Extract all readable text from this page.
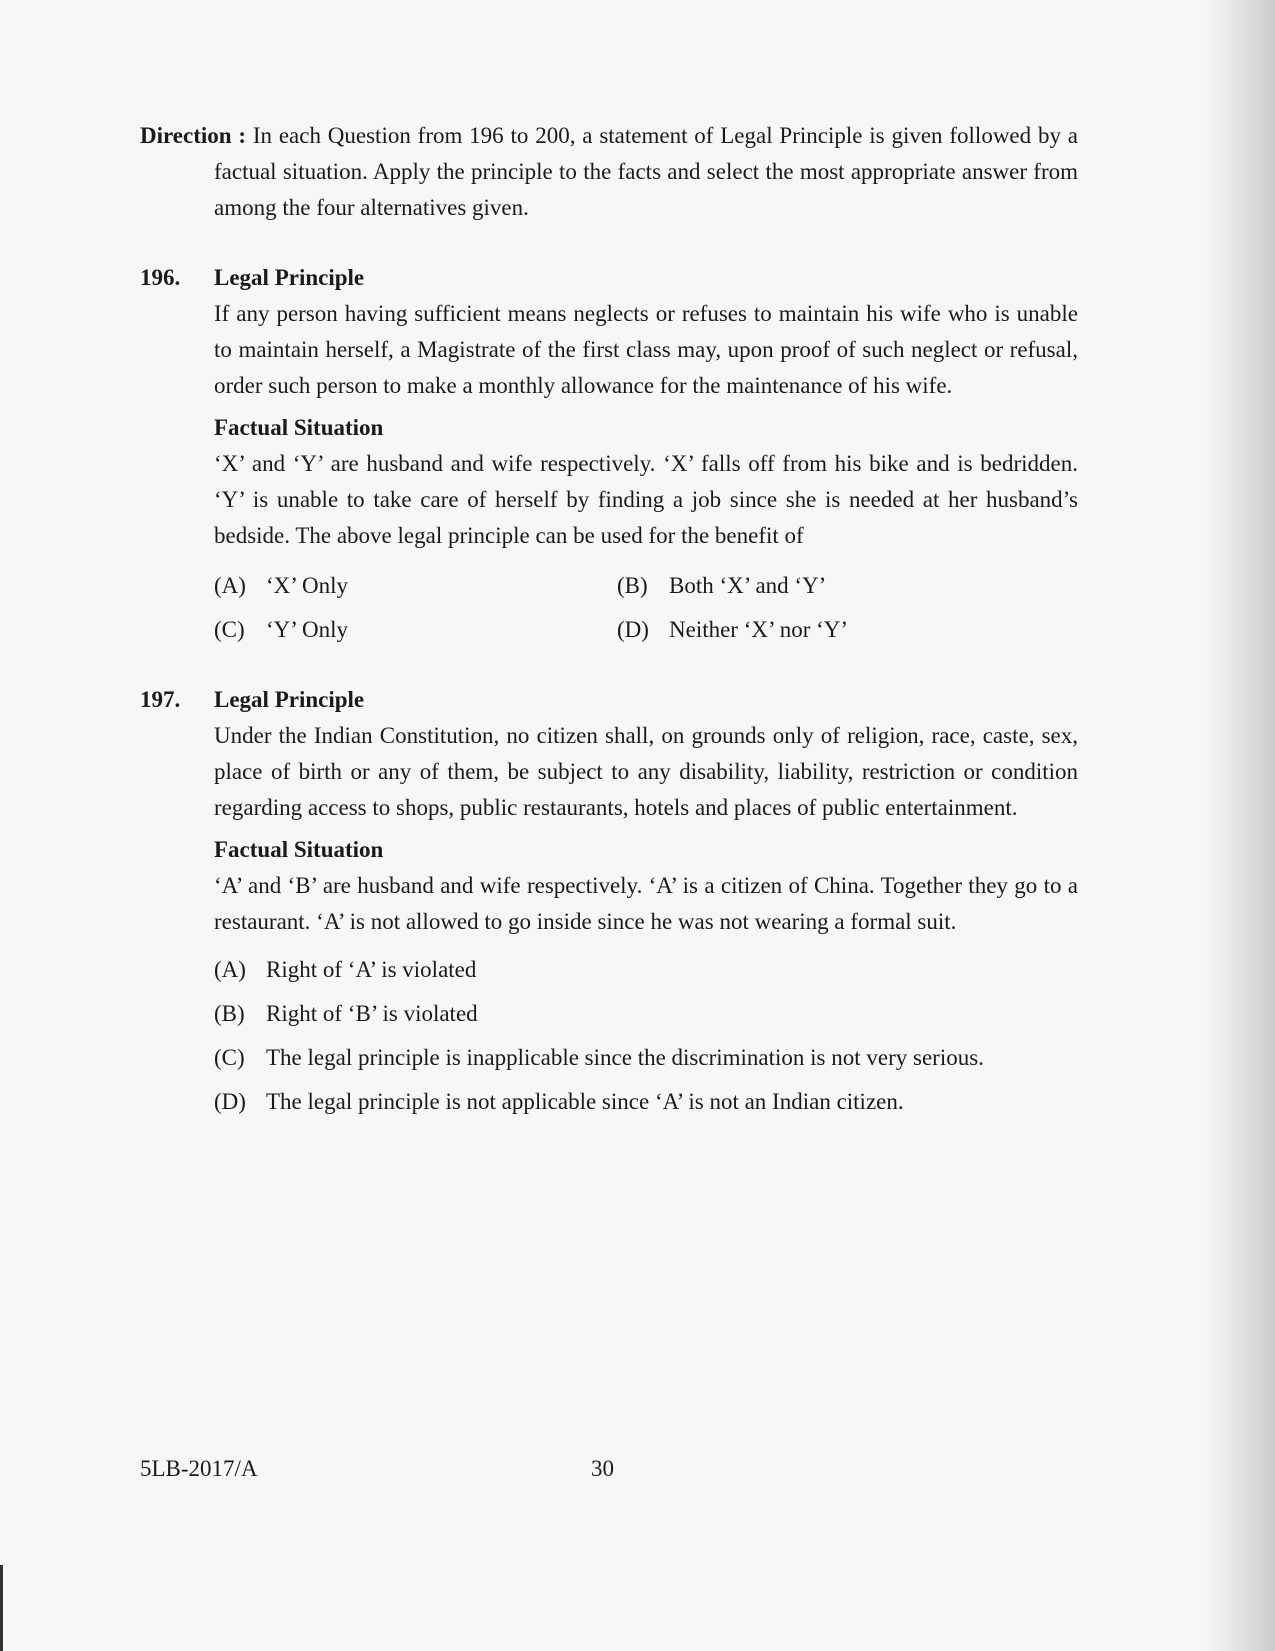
Direction : In each Question from 196 to 200, a statement of Legal Principle is given followed by a factual situation. Apply the principle to the facts and select the most appropriate answer from among the four alternatives given.

196. Legal Principle

If any person having sufficient means neglects or refuses to maintain his wife who is unable to maintain herself, a Magistrate of the first class may, upon proof of such neglect or refusal, order such person to make a monthly allowance for the maintenance of his wife.

Factual Situation

‘X’ and ‘Y’ are husband and wife respectively. ‘X’ falls off from his bike and is bedridden. ‘Y’ is unable to take care of herself by finding a job since she is needed at her husband’s bedside. The above legal principle can be used for the benefit of

(A) ‘X’ Only	(B) Both ‘X’ and ‘Y’
(C) ‘Y’ Only	(D) Neither ‘X’ nor ‘Y’
197. Legal Principle

Under the Indian Constitution, no citizen shall, on grounds only of religion, race, caste, sex, place of birth or any of them, be subject to any disability, liability, restriction or condition regarding access to shops, public restaurants, hotels and places of public entertainment.

Factual Situation

‘A’ and ‘B’ are husband and wife respectively. ‘A’ is a citizen of China. Together they go to a restaurant. ‘A’ is not allowed to go inside since he was not wearing a formal suit.

(A) Right of ‘A’ is violated
(B) Right of ‘B’ is violated
(C) The legal principle is inapplicable since the discrimination is not very serious.
(D) The legal principle is not applicable since ‘A’ is not an Indian citizen.
5LB-2017/A	30
